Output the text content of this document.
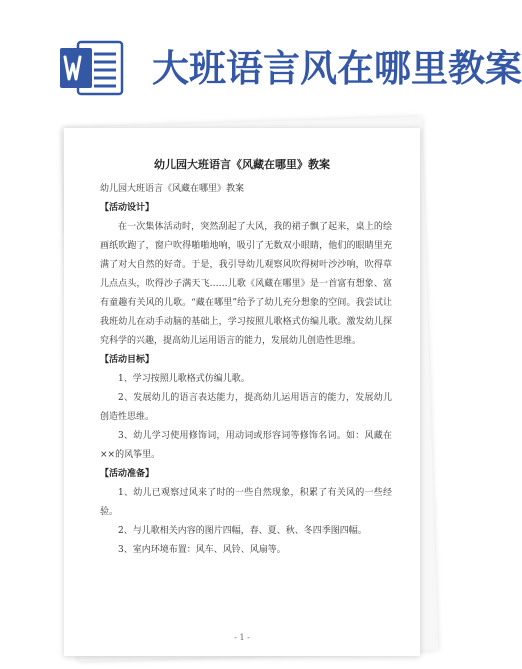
大班语言风在哪里教案
幼儿园大班语言《风藏在哪里》教案
幼儿园大班语言《风藏在哪里》教案
【活动设计】
在一次集体活动时，突然刮起了大风，我的裙子飘了起来，桌上的绘画纸吹跑了，窗户吹得啪啪地响，吸引了无数双小眼睛，他们的眼睛里充满了对大自然的好奇。于是，我引导幼儿观察风吹得树叶沙沙响，吹得草儿点点头，吹得沙子满天飞……儿歌《风藏在哪里》是一首富有想象、富有童趣有关风的儿歌。“藏在哪里”给予了幼儿充分想象的空间。我尝试让我班幼儿在动手动脑的基础上，学习按照儿歌格式仿编儿歌。激发幼儿探究科学的兴趣，提高幼儿运用语言的能力，发展幼儿创造性思维。
【活动目标】
1、学习按照儿歌格式仿编儿歌。
2、发展幼儿的语言表达能力，提高幼儿运用语言的能力，发展幼儿创造性思维。
3、幼儿学习使用修饰词，用动词或形容词等修饰名词。如：风藏在××的风筝里。
【活动准备】
1、幼儿已观察过风来了时的一些自然现象，积累了有关风的一些经验。
2、与儿歌相关内容的图片四幅，春、夏、秋、冬四季图四幅。
3、室内环境布置：风车、风铃、风扇等。
- 1 -
